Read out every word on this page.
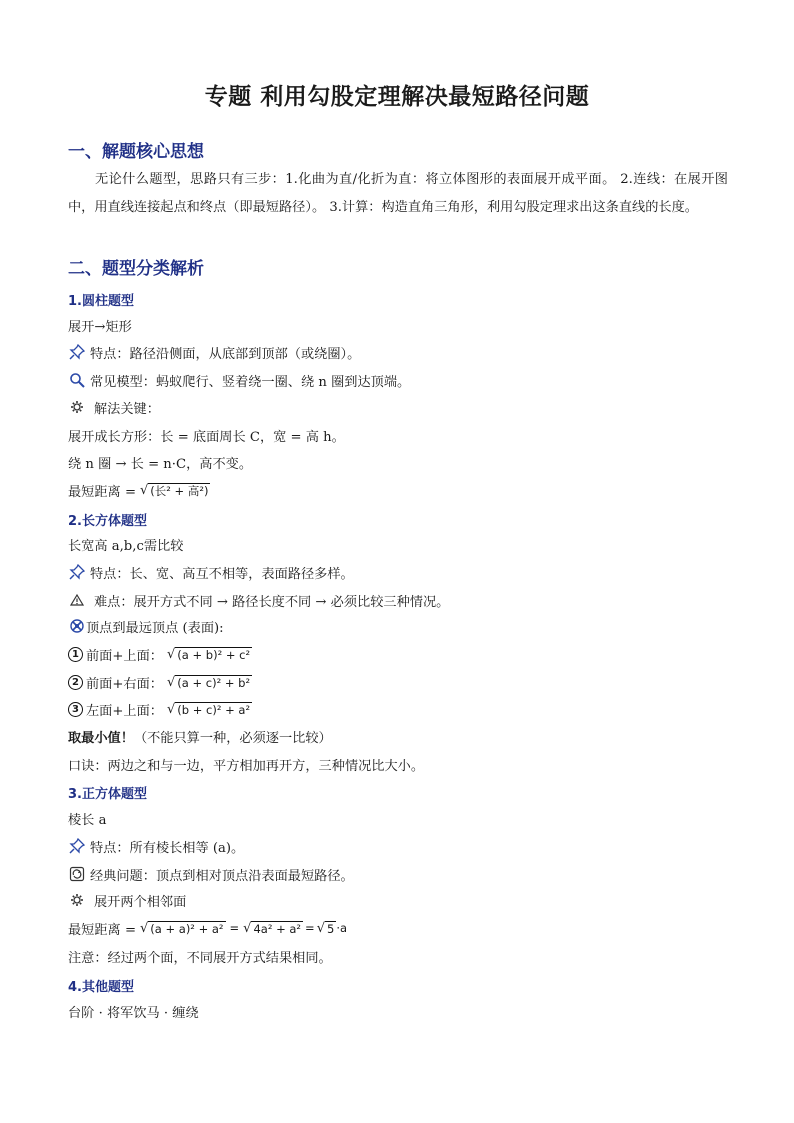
专题 利用勾股定理解决最短路径问题
一、解题核心思想
无论什么题型，思路只有三步：1.化曲为直/化折为直：将立体图形的表面展开成平面。 2.连线：在展开图中，用直线连接起点和终点（即最短路径）。 3.计算：构造直角三角形，利用勾股定理求出这条直线的长度。
二、题型分类解析
1.圆柱题型
展开→矩形
特点：路径沿侧面，从底部到顶部（或绕圈）。
常见模型：蚂蚁爬行、竖着绕一圈、绕 n 圈到达顶端。
解法关键：
展开成长方形：长 = 底面周长 C，宽 = 高 h。
绕 n 圈 → 长 = n·C，高不变。
最短距离 = √ (长² + 高²)
2.长方体题型
长宽高 a,b,c需比较
特点：长、宽、高互不相等，表面路径多样。
难点：展开方式不同 → 路径长度不同 → 必须比较三种情况。
顶点到最远顶点 (表面):
1 前面+上面： √ (a + b)² + c²
2 前面+右面： √ (a + c)² + b²
3 左面+上面： √ (b + c)² + a²
取最小值！ （不能只算一种，必须逐一比较）
口诀：两边之和与一边，平方相加再开方，三种情况比大小。
3.正方体题型
棱长 a
特点：所有棱长相等 (a)。
经典问题：顶点到相对顶点沿表面最短路径。
展开两个相邻面
最短距离 = √ (a + a)² + a² = √ 4a² + a² = √ 5 ·a
注意：经过两个面，不同展开方式结果相同。
4.其他题型
台阶 · 将军饮马 · 缠绕
